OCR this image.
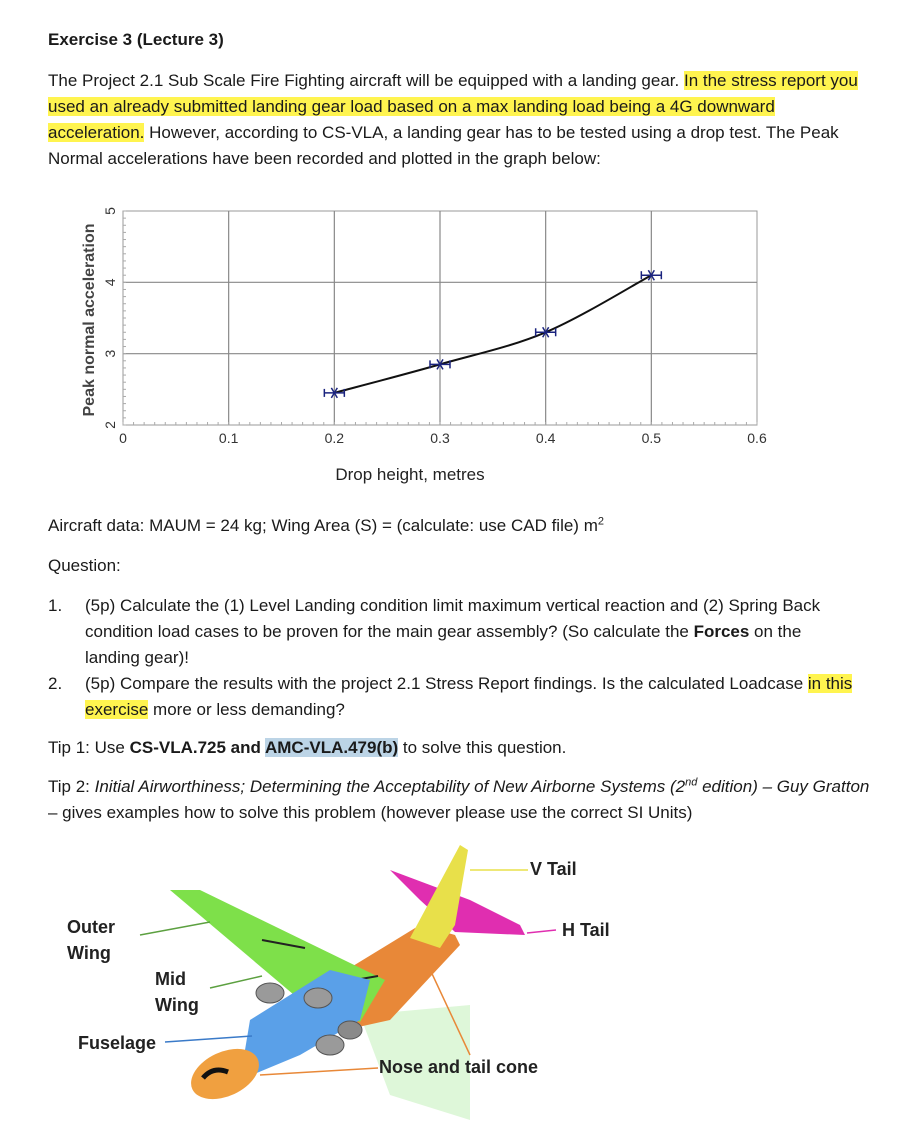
Exercise 3 (Lecture 3)
The Project 2.1 Sub Scale Fire Fighting aircraft will be equipped with a landing gear. In the stress report you used an already submitted landing gear load based on a max landing load being a 4G downward acceleration. However, according to CS-VLA, a landing gear has to be tested using a drop test. The Peak Normal accelerations have been recorded and plotted in the graph below:
0	0.1	0.2	0.3	0.4	0.5	0.6
2
3
4
5
Drop height, metres
Peak normal acceleration
Aircraft data: MAUM = 24 kg; Wing Area (S) = (calculate: use CAD file) $m^2$
Question:
1. (5p) Calculate the (1) Level Landing condition limit maximum vertical reaction and (2) Spring Back condition load cases to be proven for the main gear assembly? (So calculate the Forces on the landing gear)!
2. (5p) Compare the results with the project 2.1 Stress Report findings. Is the calculated Loadcase in this exercise more or less demanding?
Tip 1: Use CS-VLA.725 and AMC-VLA.479(b) to solve this question.
Tip 2: Initial Airworthiness; Determining the Acceptability of New Airborne Systems (2nd edition) – Guy Gratton – gives examples how to solve this problem (however please use the correct SI Units)
V Tail
H Tail
Outer Wing
Mid Wing
Fuselage
Nose and tail cone
